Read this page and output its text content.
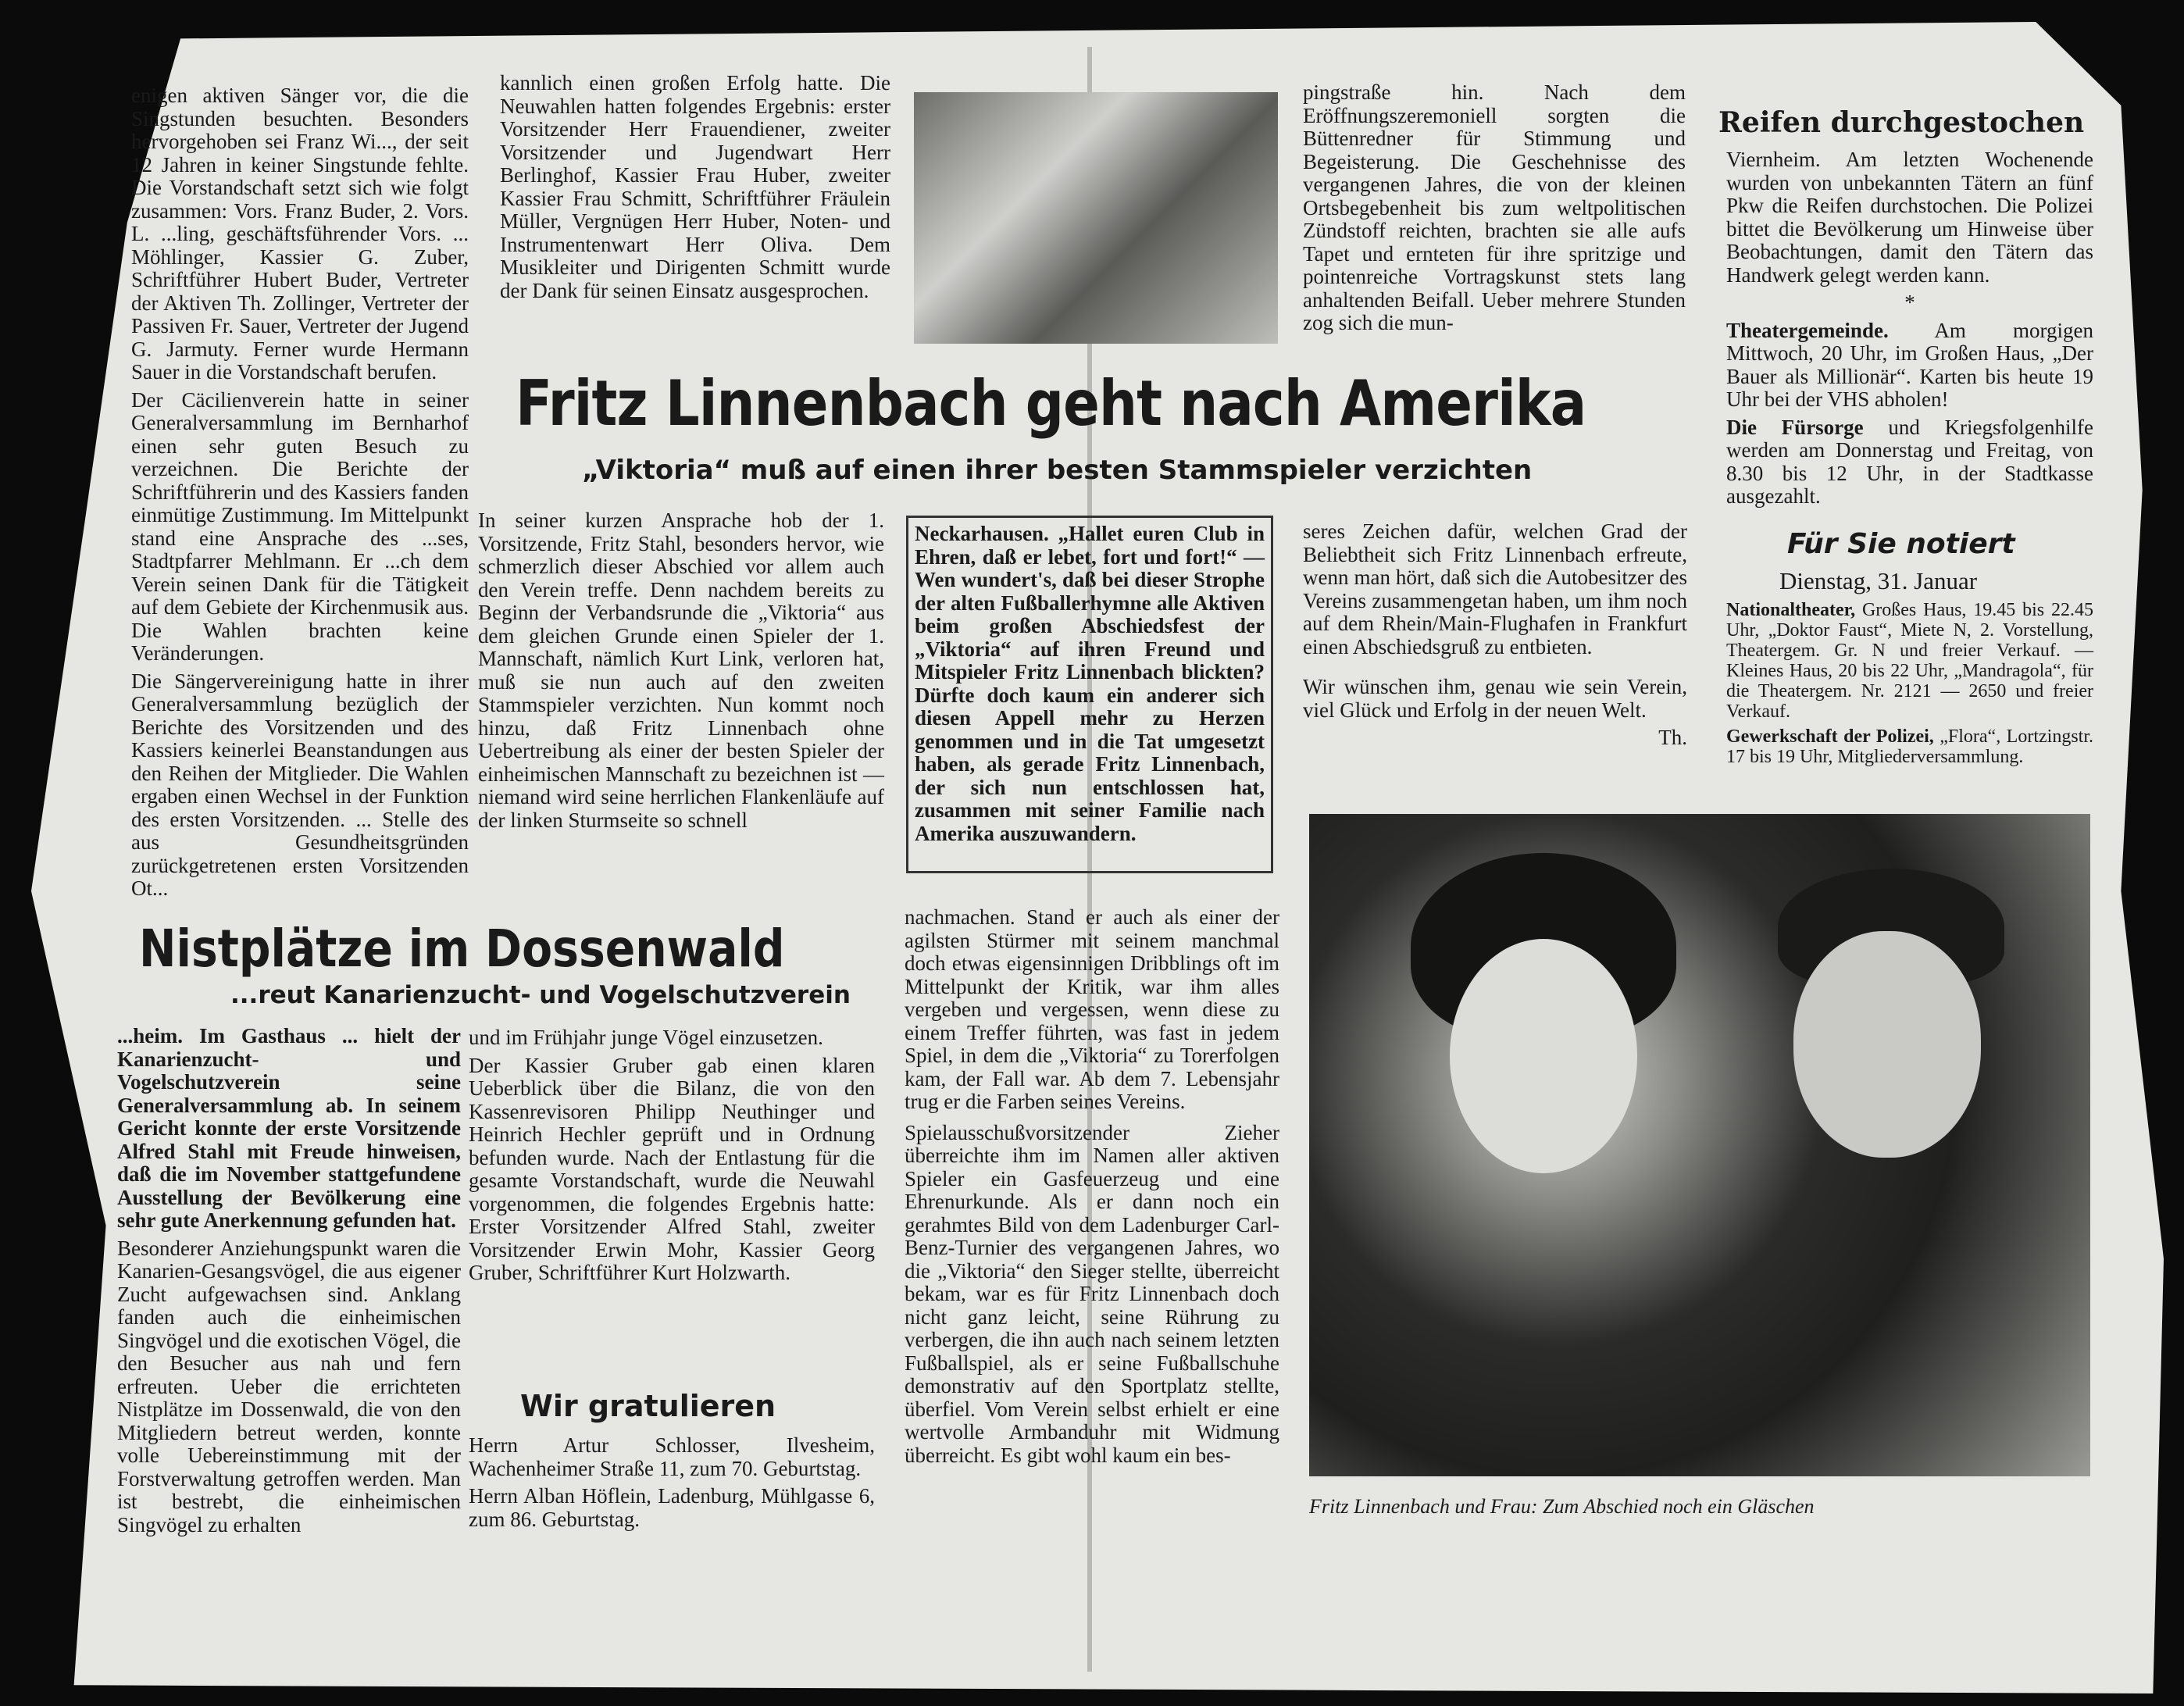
enigen aktiven Sänger vor, die die Singstunden besuchten. Besonders hervorgehoben sei Franz Wi..., der seit 12 Jahren in keiner Singstunde fehlte. Die Vorstandschaft setzt sich wie folgt zusammen: Vors. Franz Buder, 2. Vors. L. ...ling, geschäftsführender Vors. ... Möhlinger, Kassier G. Zuber, Schriftführer Hubert Buder, Vertreter der Aktiven Th. Zollinger, Vertreter der Passiven Fr. Sauer, Vertreter der Jugend G. Jarmuty. Ferner wurde Hermann Sauer in die Vorstandschaft berufen.

Der Cäcilienverein hatte in seiner Generalversammlung im Bernharhof einen sehr guten Besuch zu verzeichnen. Die Berichte der Schriftführerin und des Kassiers fanden einmütige Zustimmung. Im Mittelpunkt stand eine Ansprache des ...ses, Stadtpfarrer Mehlmann. Er ...ch dem Verein seinen Dank für die Tätigkeit auf dem Gebiete der Kirchenmusik aus. Die Wahlen brachten keine Veränderungen.

Die Sängervereinigung hatte in ihrer Generalversammlung bezüglich der Berichte des Vorsitzenden und des Kassiers keinerlei Beanstandungen aus den Reihen der Mitglieder. Die Wahlen ergaben einen Wechsel in der Funktion des ersten Vorsitzenden. ... Stelle des aus Gesundheitsgründen zurückgetretenen ersten Vorsitzenden Ot...

kannlich einen großen Erfolg hatte. Die Neuwahlen hatten folgendes Ergebnis: erster Vorsitzender Herr Frauendiener, zweiter Vorsitzender und Jugendwart Herr Berlinghof, Kassier Frau Huber, zweiter Kassier Frau Schmitt, Schriftführer Fräulein Müller, Vergnügen Herr Huber, Noten- und Instrumentenwart Herr Oliva. Dem Musikleiter und Dirigenten Schmitt wurde der Dank für seinen Einsatz ausgesprochen.

pingstraße hin. Nach dem Eröffnungszeremoniell sorgten die Büttenredner für Stimmung und Begeisterung. Die Geschehnisse des vergangenen Jahres, die von der kleinen Ortsbegebenheit bis zum weltpolitischen Zündstoff reichten, brachten sie alle aufs Tapet und ernteten für ihre spritzige und pointenreiche Vortragskunst stets lang anhaltenden Beifall. Ueber mehrere Stunden zog sich die mun-

Reifen durchgestochen

Viernheim. Am letzten Wochenende wurden von unbekannten Tätern an fünf Pkw die Reifen durchstochen. Die Polizei bittet die Bevölkerung um Hinweise über Beobachtungen, damit den Tätern das Handwerk gelegt werden kann.

*

Theatergemeinde. Am morgigen Mittwoch, 20 Uhr, im Großen Haus, „Der Bauer als Millionär“. Karten bis heute 19 Uhr bei der VHS abholen!

Die Fürsorge und Kriegsfolgenhilfe werden am Donnerstag und Freitag, von 8.30 bis 12 Uhr, in der Stadtkasse ausgezahlt.

Für Sie notiert
Dienstag, 31. Januar

Nationaltheater, Großes Haus, 19.45 bis 22.45 Uhr, „Doktor Faust“, Miete N, 2. Vorstellung, Theatergem. Gr. N und freier Verkauf. — Kleines Haus, 20 bis 22 Uhr, „Mandragola“, für die Theatergem. Nr. 2121 — 2650 und freier Verkauf.

Gewerkschaft der Polizei, „Flora“, Lortzingstr. 17 bis 19 Uhr, Mitgliederversammlung.

Fritz Linnenbach geht nach Amerika
„Viktoria“ muß auf einen ihrer besten Stammspieler verzichten

In seiner kurzen Ansprache hob der 1. Vorsitzende, Fritz Stahl, besonders hervor, wie schmerzlich dieser Abschied vor allem auch den Verein treffe. Denn nachdem bereits zu Beginn der Verbandsrunde die „Viktoria“ aus dem gleichen Grunde einen Spieler der 1. Mannschaft, nämlich Kurt Link, verloren hat, muß sie nun auch auf den zweiten Stammspieler verzichten. Nun kommt noch hinzu, daß Fritz Linnenbach ohne Uebertreibung als einer der besten Spieler der einheimischen Mannschaft zu bezeichnen ist — niemand wird seine herrlichen Flankenläufe auf der linken Sturmseite so schnell

Neckarhausen. „Hallet euren Club in Ehren, daß er lebet, fort und fort!“ — Wen wundert's, daß bei dieser Strophe der alten Fußballerhymne alle Aktiven beim großen Abschiedsfest der „Viktoria“ auf ihren Freund und Mitspieler Fritz Linnenbach blickten? Dürfte doch kaum ein anderer sich diesen Appell mehr zu Herzen genommen und in die Tat umgesetzt haben, als gerade Fritz Linnenbach, der sich nun entschlossen hat, zusammen mit seiner Familie nach Amerika auszuwandern.

seres Zeichen dafür, welchen Grad der Beliebtheit sich Fritz Linnenbach erfreute, wenn man hört, daß sich die Autobesitzer des Vereins zusammengetan haben, um ihm noch auf dem Rhein/Main-Flughafen in Frankfurt einen Abschiedsgruß zu entbieten.

Wir wünschen ihm, genau wie sein Verein, viel Glück und Erfolg in der neuen Welt.

Th.

nachmachen. Stand er auch als einer der agilsten Stürmer mit seinem manchmal doch etwas eigensinnigen Dribblings oft im Mittelpunkt der Kritik, war ihm alles vergeben und vergessen, wenn diese zu einem Treffer führten, was fast in jedem Spiel, in dem die „Viktoria“ zu Torerfolgen kam, der Fall war. Ab dem 7. Lebensjahr trug er die Farben seines Vereins.

Spielausschußvorsitzender Zieher überreichte ihm im Namen aller aktiven Spieler ein Gasfeuerzeug und eine Ehrenurkunde. Als er dann noch ein gerahmtes Bild von dem Ladenburger Carl-Benz-Turnier des vergangenen Jahres, wo die „Viktoria“ den Sieger stellte, überreicht bekam, war es für Fritz Linnenbach doch nicht ganz leicht, seine Rührung zu verbergen, die ihn auch nach seinem letzten Fußballspiel, als er seine Fußballschuhe demonstrativ auf den Sportplatz stellte, überfiel. Vom Verein selbst erhielt er eine wertvolle Armbanduhr mit Widmung überreicht. Es gibt wohl kaum ein bes-

Fritz Linnenbach und Frau: Zum Abschied noch ein Gläschen
Nistplätze im Dossenwald
...reut Kanarienzucht- und Vogelschutzverein

...heim. Im Gasthaus ... hielt der Kanarienzucht- und Vogelschutzverein seine Generalversammlung ab. In seinem Gericht konnte der erste Vorsitzende Alfred Stahl mit Freude hinweisen, daß die im November stattgefundene Ausstellung der Bevölkerung eine sehr gute Anerkennung gefunden hat.

Besonderer Anziehungspunkt waren die Kanarien-Gesangsvögel, die aus eigener Zucht aufgewachsen sind. Anklang fanden auch die einheimischen Singvögel und die exotischen Vögel, die den Besucher aus nah und fern erfreuten. Ueber die errichteten Nistplätze im Dossenwald, die von den Mitgliedern betreut werden, konnte volle Uebereinstimmung mit der Forstverwaltung getroffen werden. Man ist bestrebt, die einheimischen Singvögel zu erhalten

und im Frühjahr junge Vögel einzusetzen.

Der Kassier Gruber gab einen klaren Ueberblick über die Bilanz, die von den Kassenrevisoren Philipp Neuthinger und Heinrich Hechler geprüft und in Ordnung befunden wurde. Nach der Entlastung für die gesamte Vorstandschaft, wurde die Neuwahl vorgenommen, die folgendes Ergebnis hatte: Erster Vorsitzender Alfred Stahl, zweiter Vorsitzender Erwin Mohr, Kassier Georg Gruber, Schriftführer Kurt Holzwarth.

Wir gratulieren

Herrn Artur Schlosser, Ilvesheim, Wachenheimer Straße 11, zum 70. Geburtstag.

Herrn Alban Höflein, Ladenburg, Mühlgasse 6, zum 86. Geburtstag.
